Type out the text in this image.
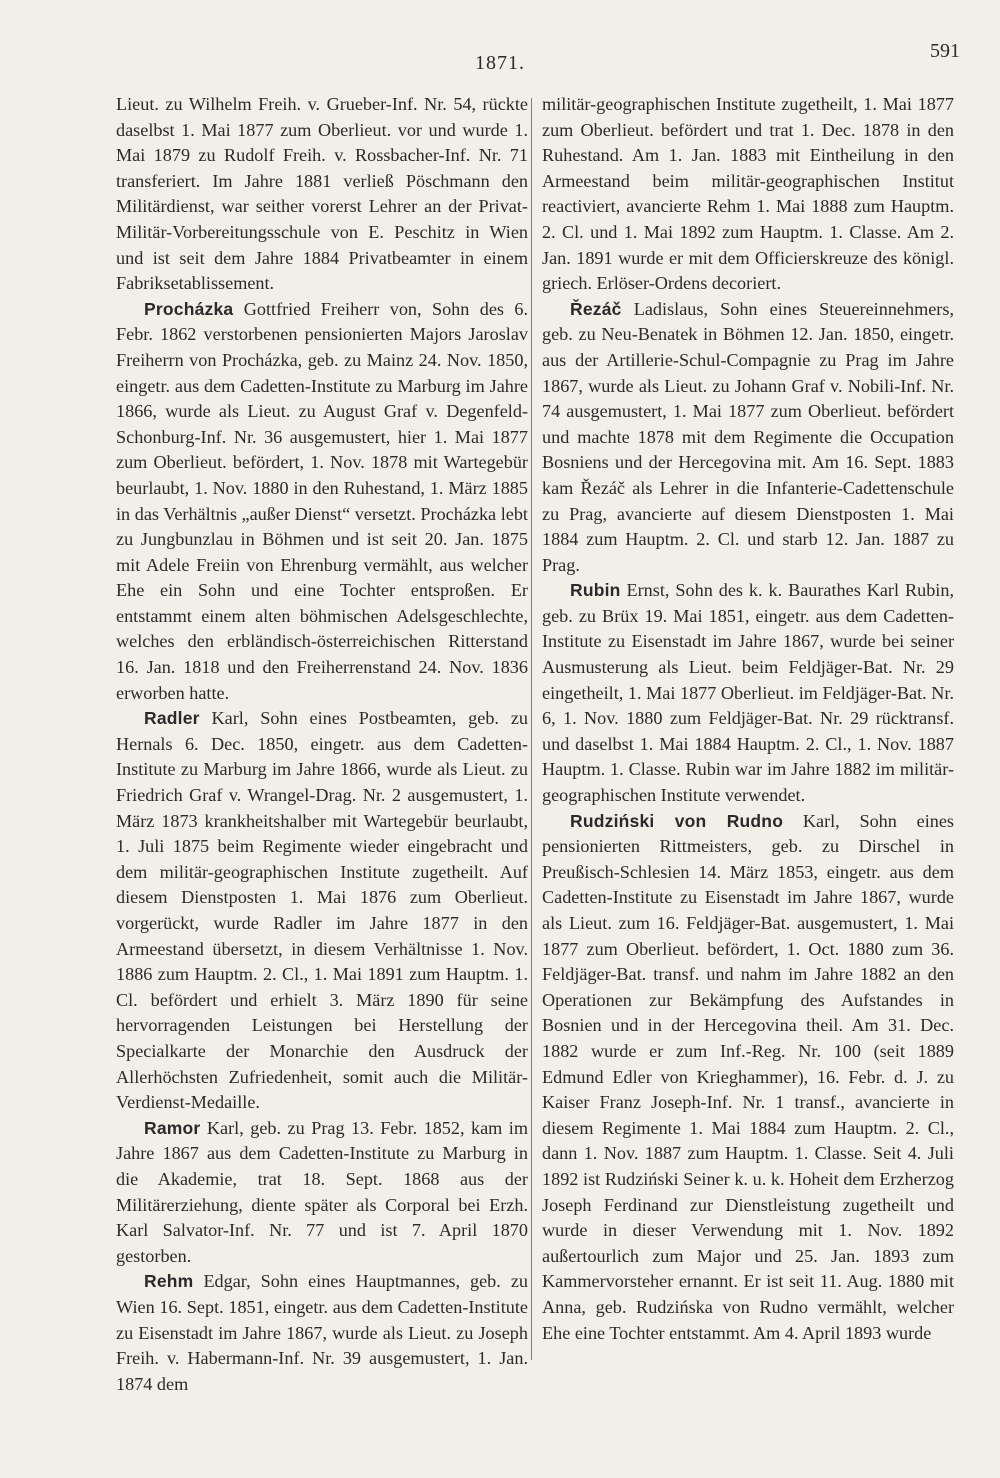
1871.
591

Lieut. zu Wilhelm Freih. v. Grueber-Inf. Nr. 54, rückte daselbst 1. Mai 1877 zum Oberlieut. vor und wurde 1. Mai 1879 zu Rudolf Freih. v. Rossbacher-Inf. Nr. 71 transferiert. Im Jahre 1881 verließ Pöschmann den Militärdienst, war seither vorerst Lehrer an der Privat-Militär-Vorbereitungsschule von E. Peschitz in Wien und ist seit dem Jahre 1884 Privatbeamter in einem Fabriksetablissement.

Procházka Gottfried Freiherr von, Sohn des 6. Febr. 1862 verstorbenen pensionierten Majors Jaroslav Freiherrn von Procházka, geb. zu Mainz 24. Nov. 1850, eingetr. aus dem Cadetten-Institute zu Marburg im Jahre 1866, wurde als Lieut. zu August Graf v. Degenfeld-Schonburg-Inf. Nr. 36 ausgemustert, hier 1. Mai 1877 zum Oberlieut. befördert, 1. Nov. 1878 mit Wartegebür beurlaubt, 1. Nov. 1880 in den Ruhestand, 1. März 1885 in das Verhältnis „außer Dienst“ versetzt. Procházka lebt zu Jungbunzlau in Böhmen und ist seit 20. Jan. 1875 mit Adele Freiin von Ehrenburg vermählt, aus welcher Ehe ein Sohn und eine Tochter entsproßen. Er entstammt einem alten böhmischen Adelsgeschlechte, welches den erbländisch-österreichischen Ritterstand 16. Jan. 1818 und den Freiherrenstand 24. Nov. 1836 erworben hatte.

Radler Karl, Sohn eines Postbeamten, geb. zu Hernals 6. Dec. 1850, eingetr. aus dem Cadetten-Institute zu Marburg im Jahre 1866, wurde als Lieut. zu Friedrich Graf v. Wrangel-Drag. Nr. 2 ausgemustert, 1. März 1873 krankheitshalber mit Wartegebür beurlaubt, 1. Juli 1875 beim Regimente wieder eingebracht und dem militär-geographischen Institute zugetheilt. Auf diesem Dienstposten 1. Mai 1876 zum Oberlieut. vorgerückt, wurde Radler im Jahre 1877 in den Armeestand übersetzt, in diesem Verhältnisse 1. Nov. 1886 zum Hauptm. 2. Cl., 1. Mai 1891 zum Hauptm. 1. Cl. befördert und erhielt 3. März 1890 für seine hervorragenden Leistungen bei Herstellung der Specialkarte der Monarchie den Ausdruck der Allerhöchsten Zufriedenheit, somit auch die Militär-Verdienst-Medaille.

Ramor Karl, geb. zu Prag 13. Febr. 1852, kam im Jahre 1867 aus dem Cadetten-Institute zu Marburg in die Akademie, trat 18. Sept. 1868 aus der Militärerziehung, diente später als Corporal bei Erzh. Karl Salvator-Inf. Nr. 77 und ist 7. April 1870 gestorben.

Rehm Edgar, Sohn eines Hauptmannes, geb. zu Wien 16. Sept. 1851, eingetr. aus dem Cadetten-Institute zu Eisenstadt im Jahre 1867, wurde als Lieut. zu Joseph Freih. v. Habermann-Inf. Nr. 39 ausgemustert, 1. Jan. 1874 dem

militär-geographischen Institute zugetheilt, 1. Mai 1877 zum Oberlieut. befördert und trat 1. Dec. 1878 in den Ruhestand. Am 1. Jan. 1883 mit Eintheilung in den Armeestand beim militär-geographischen Institut reactiviert, avancierte Rehm 1. Mai 1888 zum Hauptm. 2. Cl. und 1. Mai 1892 zum Hauptm. 1. Classe. Am 2. Jan. 1891 wurde er mit dem Officierskreuze des königl. griech. Erlöser-Ordens decoriert.

Řezáč Ladislaus, Sohn eines Steuereinnehmers, geb. zu Neu-Benatek in Böhmen 12. Jan. 1850, eingetr. aus der Artillerie-Schul-Compagnie zu Prag im Jahre 1867, wurde als Lieut. zu Johann Graf v. Nobili-Inf. Nr. 74 ausgemustert, 1. Mai 1877 zum Oberlieut. befördert und machte 1878 mit dem Regimente die Occupation Bosniens und der Hercegovina mit. Am 16. Sept. 1883 kam Řezáč als Lehrer in die Infanterie-Cadettenschule zu Prag, avancierte auf diesem Dienstposten 1. Mai 1884 zum Hauptm. 2. Cl. und starb 12. Jan. 1887 zu Prag.

Rubin Ernst, Sohn des k. k. Baurathes Karl Rubin, geb. zu Brüx 19. Mai 1851, eingetr. aus dem Cadetten-Institute zu Eisenstadt im Jahre 1867, wurde bei seiner Ausmusterung als Lieut. beim Feldjäger-Bat. Nr. 29 eingetheilt, 1. Mai 1877 Oberlieut. im Feldjäger-Bat. Nr. 6, 1. Nov. 1880 zum Feldjäger-Bat. Nr. 29 rücktransf. und daselbst 1. Mai 1884 Hauptm. 2. Cl., 1. Nov. 1887 Hauptm. 1. Classe. Rubin war im Jahre 1882 im militär-geographischen Institute verwendet.

Rudziński von Rudno Karl, Sohn eines pensionierten Rittmeisters, geb. zu Dirschel in Preußisch-Schlesien 14. März 1853, eingetr. aus dem Cadetten-Institute zu Eisenstadt im Jahre 1867, wurde als Lieut. zum 16. Feldjäger-Bat. ausgemustert, 1. Mai 1877 zum Oberlieut. befördert, 1. Oct. 1880 zum 36. Feldjäger-Bat. transf. und nahm im Jahre 1882 an den Operationen zur Bekämpfung des Aufstandes in Bosnien und in der Hercegovina theil. Am 31. Dec. 1882 wurde er zum Inf.-Reg. Nr. 100 (seit 1889 Edmund Edler von Krieghammer), 16. Febr. d. J. zu Kaiser Franz Joseph-Inf. Nr. 1 transf., avancierte in diesem Regimente 1. Mai 1884 zum Hauptm. 2. Cl., dann 1. Nov. 1887 zum Hauptm. 1. Classe. Seit 4. Juli 1892 ist Rudziński Seiner k. u. k. Hoheit dem Erzherzog Joseph Ferdinand zur Dienstleistung zugetheilt und wurde in dieser Verwendung mit 1. Nov. 1892 außertourlich zum Major und 25. Jan. 1893 zum Kammervorsteher ernannt. Er ist seit 11. Aug. 1880 mit Anna, geb. Rudzińska von Rudno vermählt, welcher Ehe eine Tochter entstammt. Am 4. April 1893 wurde
